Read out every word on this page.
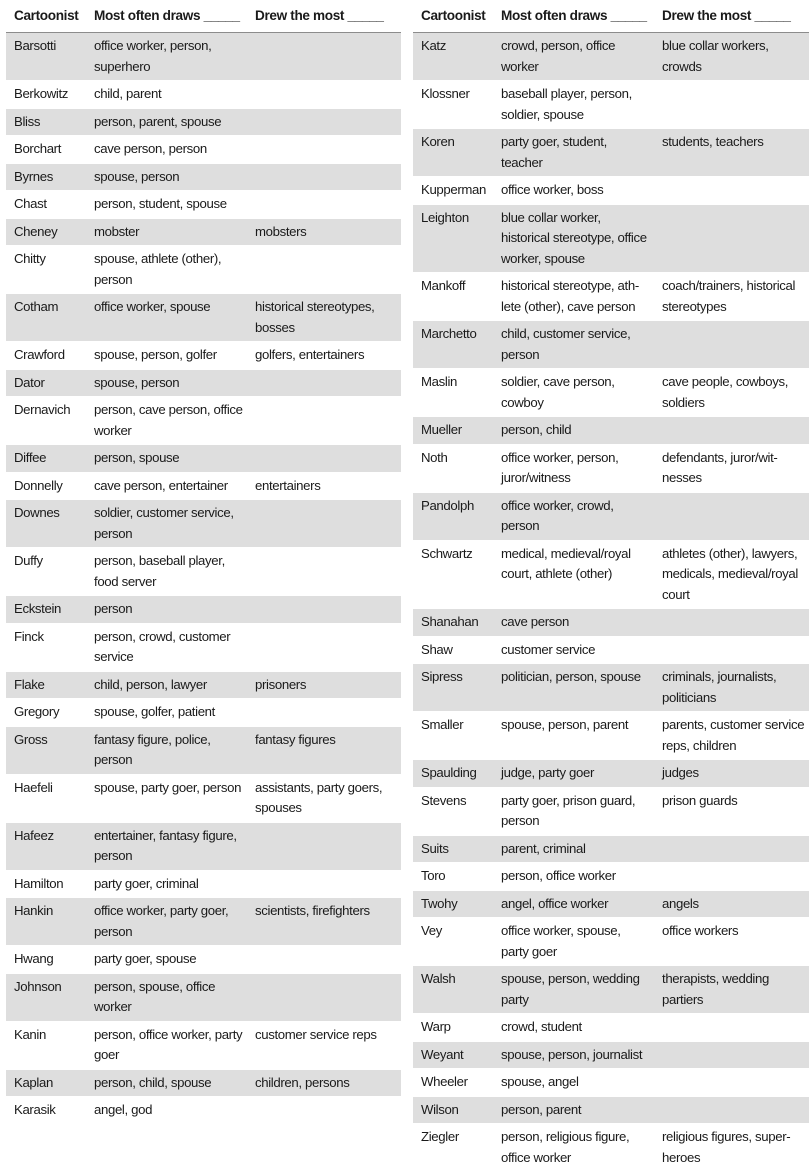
Cartoonist	Most often draws _____	Drew the most _____
Barsotti	office worker, person, superhero	
Berkowitz	child, parent	
Bliss	person, parent, spouse	
Borchart	cave person, person	
Byrnes	spouse, person	
Chast	person, student, spouse	
Cheney	mobster	mobsters
Chitty	spouse, athlete (other), person	
Cotham	office worker, spouse	historical stereotypes, bosses
Crawford	spouse, person, golfer	golfers, entertainers
Dator	spouse, person	
Dernavich	person, cave person, office worker	
Diffee	person, spouse	
Donnelly	cave person, entertainer	entertainers
Downes	soldier, customer service, person	
Duffy	person, baseball player, food server	
Eckstein	person	
Finck	person, crowd, customer service	
Flake	child, person, lawyer	prisoners
Gregory	spouse, golfer, patient	
Gross	fantasy figure, police, person	fantasy figures
Haefeli	spouse, party goer, person	assistants, party goers, spouses
Hafeez	entertainer, fantasy figure, person	
Hamilton	party goer, criminal	
Hankin	office worker, party goer, person	scientists, firefighters
Hwang	party goer, spouse	
Johnson	person, spouse, office worker	
Kanin	person, office worker, party goer	customer service reps
Kaplan	person, child, spouse	children, persons
Karasik	angel, god	
Cartoonist	Most often draws _____	Drew the most _____
Katz	crowd, person, office worker	blue collar workers, crowds
Klossner	baseball player, person, soldier, spouse	
Koren	party goer, student, teacher	students, teachers
Kupperman	office worker, boss	
Leighton	blue collar worker, historical stereotype, office worker, spouse	
Mankoff	historical stereotype, ath-lete (other), cave person	coach/trainers, historical stereotypes
Marchetto	child, customer service, person	
Maslin	soldier, cave person, cowboy	cave people, cowboys, soldiers
Mueller	person, child	
Noth	office worker, person, juror/witness	defendants, juror/wit-nesses
Pandolph	office worker, crowd, person	
Schwartz	medical, medieval/royal court, athlete (other)	athletes (other), lawyers, medicals, medieval/royal court
Shanahan	cave person	
Shaw	customer service	
Sipress	politician, person, spouse	criminals, journalists, politicians
Smaller	spouse, person, parent	parents, customer service reps, children
Spaulding	judge, party goer	judges
Stevens	party goer, prison guard, person	prison guards
Suits	parent, criminal	
Toro	person, office worker	
Twohy	angel, office worker	angels
Vey	office worker, spouse, party goer	office workers
Walsh	spouse, person, wedding party	therapists, wedding partiers
Warp	crowd, student	
Weyant	spouse, person, journalist	
Wheeler	spouse, angel	
Wilson	person, parent	
Ziegler	person, religious figure, office worker	religious figures, super-heroes
